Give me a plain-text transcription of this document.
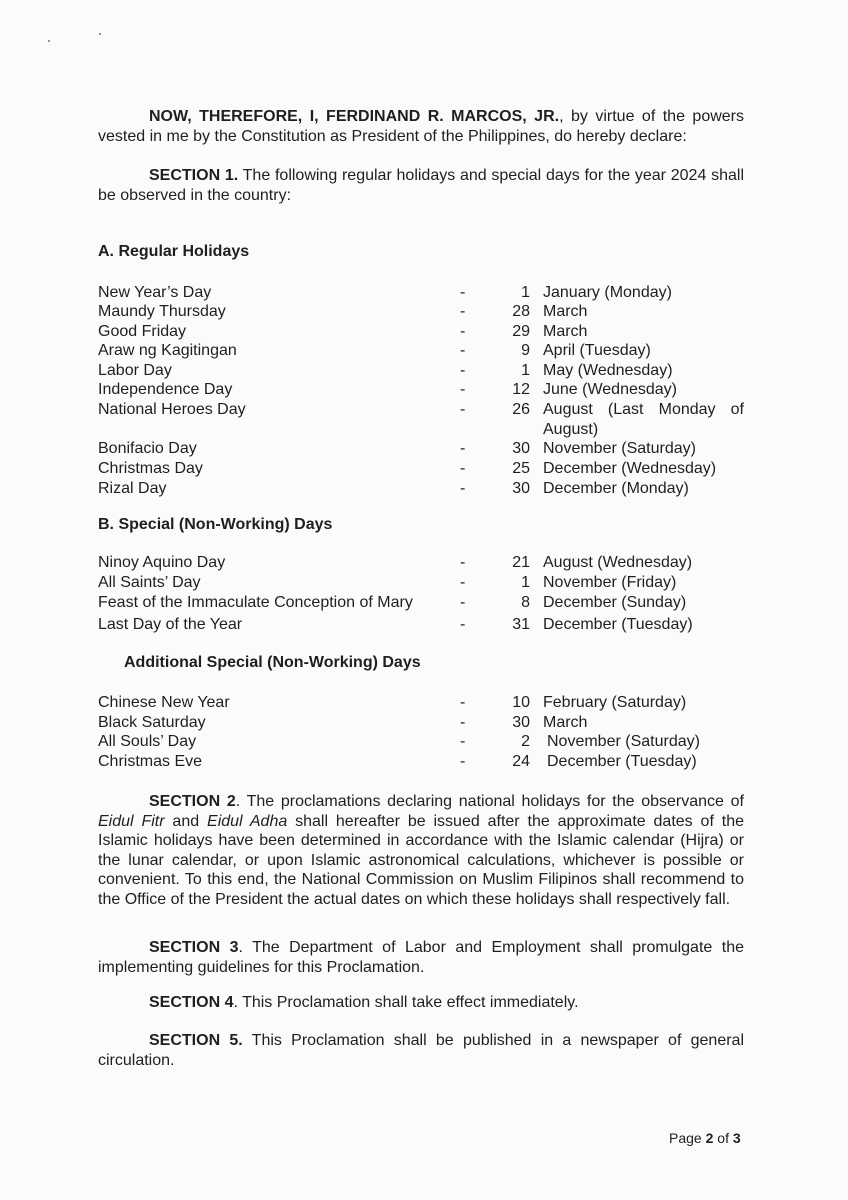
NOW, THEREFORE, I, FERDINAND R. MARCOS, JR., by virtue of the powers vested in me by the Constitution as President of the Philippines, do hereby declare:

SECTION 1. The following regular holidays and special days for the year 2024 shall be observed in the country:

A. Regular Holidays

New Year’s Day	-	1 January (Monday)
Maundy Thursday	-	28 March
Good Friday	-	29 March
Araw ng Kagitingan	-	9 April (Tuesday)
Labor Day	-	1 May (Wednesday)
Independence Day	-	12 June (Wednesday)
National Heroes Day	-	26 August (Last Monday of August)
Bonifacio Day	-	30 November (Saturday)
Christmas Day	-	25 December (Wednesday)
Rizal Day	-	30 December (Monday)

B. Special (Non-Working) Days

Ninoy Aquino Day	-	21 August (Wednesday)
All Saints’ Day	-	1 November (Friday)
Feast of the Immaculate Conception of Mary	-	8 December (Sunday)
Last Day of the Year	-	31 December (Tuesday)

Additional Special (Non-Working) Days

Chinese New Year	-	10 February (Saturday)
Black Saturday	-	30 March
All Souls’ Day	-	2 November (Saturday)
Christmas Eve	-	24 December (Tuesday)

SECTION 2. The proclamations declaring national holidays for the observance of Eidul Fitr and Eidul Adha shall hereafter be issued after the approximate dates of the Islamic holidays have been determined in accordance with the Islamic calendar (Hijra) or the lunar calendar, or upon Islamic astronomical calculations, whichever is possible or convenient. To this end, the National Commission on Muslim Filipinos shall recommend to the Office of the President the actual dates on which these holidays shall respectively fall.

SECTION 3. The Department of Labor and Employment shall promulgate the implementing guidelines for this Proclamation.

SECTION 4. This Proclamation shall take effect immediately.

SECTION 5. This Proclamation shall be published in a newspaper of general circulation.

Page 2 of 3
